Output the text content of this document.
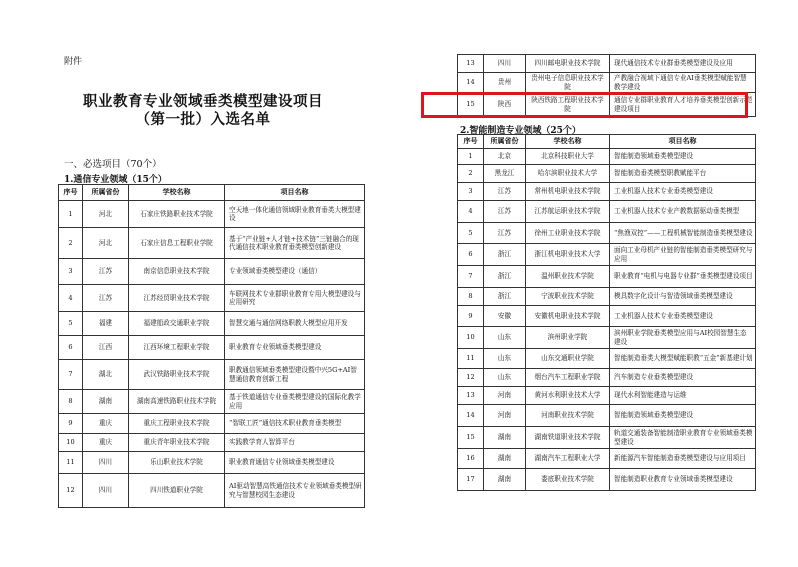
附件
职业教育专业领域垂类模型建设项目
（第一批）入选名单
一、必选项目（70个）
1.通信专业领域（15个）
序号	所属省份	学校名称	项目名称
1	河北	石家庄铁路职业技术学院	空天地一体化通信领域职业教育垂类大模型建设
2	河北	石家庄信息工程职业学院	基于“产业链+人才链+技术链”三链融合的现代通信技术职业教育垂类模型创新建设
3	江苏	南京信息职业技术学院	专业领域垂类模型建设（通信）
4	江苏	江苏经贸职业技术学院	车联网技术专业群职业教育专用大模型建设与应用研究
5	福建	福建船政交通职业学院	智慧交通与通信网络职教大模型应用开发
6	江西	江西环境工程职业学院	职业教育专业领域垂类模型建设
7	湖北	武汉铁路职业技术学院	职教通信领域垂类模型建设暨中兴5G+AI智慧通信教育创新工程
8	湖南	湖南高速铁路职业技术学院	基于铁道通信专业垂类模型建设的国际化教学应用
9	重庆	重庆工程职业技术学院	“智联工匠”通信技术职业教育垂类模型
10	重庆	重庆青年职业技术学院	实践教学育人智算平台
11	四川	乐山职业技术学院	职业教育通信专业领域垂类模型建设
12	四川	四川铁道职业学院	AI驱动智慧高铁通信技术专业领域垂类模型研究与智慧校园生态建设
13	四川	四川邮电职业技术学院	现代通信技术专业群垂类模型建设及应用
14	贵州	贵州电子信息职业技术学院	产教融合视域下通信专业AI垂类模型赋能智慧教学建设
15	陕西	陕西铁路工程职业技术学院	通信专业群职业教育人才培养垂类模型创新示范建设项目
2.智能制造专业领域（25个）
序号	所属省份	学校名称	项目名称
1	北京	北京科技职业大学	智能制造领域垂类模型建设
2	黑龙江	哈尔滨职业技术大学	智能制造垂类模型职教赋能平台
3	江苏	常州机电职业技术学院	工业机器人技术专业垂类模型建设
4	江苏	江苏航运职业技术学院	工业机器人技术专业产教数据驱动垂类模型
5	江苏	徐州工业职业技术学院	“焦渔双控”——工程机械智能制造垂类模型建设
6	浙江	浙江机电职业技术大学	面向工业母机产业链的智能制造垂类模型研究与应用
7	浙江	温州职业技术学院	职业教育“电机与电器专业群”垂类模型建设项目
8	浙江	宁波职业技术学院	模具数字化设计与智造领域垂类模型建设
9	安徽	安徽机电职业技术学院	工业机器人技术专业垂类模型建设
10	山东	滨州职业学院	滨州职业学院垂类模型应用与AI校园智慧生态建设
11	山东	山东交通职业学院	智能制造垂类大模型赋能职教“五金”新基建计划
12	山东	烟台汽车工程职业学院	汽车制造专业垂类模型建设
13	河南	黄河水利职业技术大学	现代水利智能建造与运维
14	河南	河南职业技术学院	智能制造领域垂类模型建设
15	湖南	湖南铁道职业技术学院	轨道交通装备智能制造职业教育专业领域垂类模型建设
16	湖南	湖南汽车工程职业大学	新能源汽车智能制造垂类模型建设与应用项目
17	湖南	娄底职业技术学院	智能制造职业教育专业领域垂类模型建设
